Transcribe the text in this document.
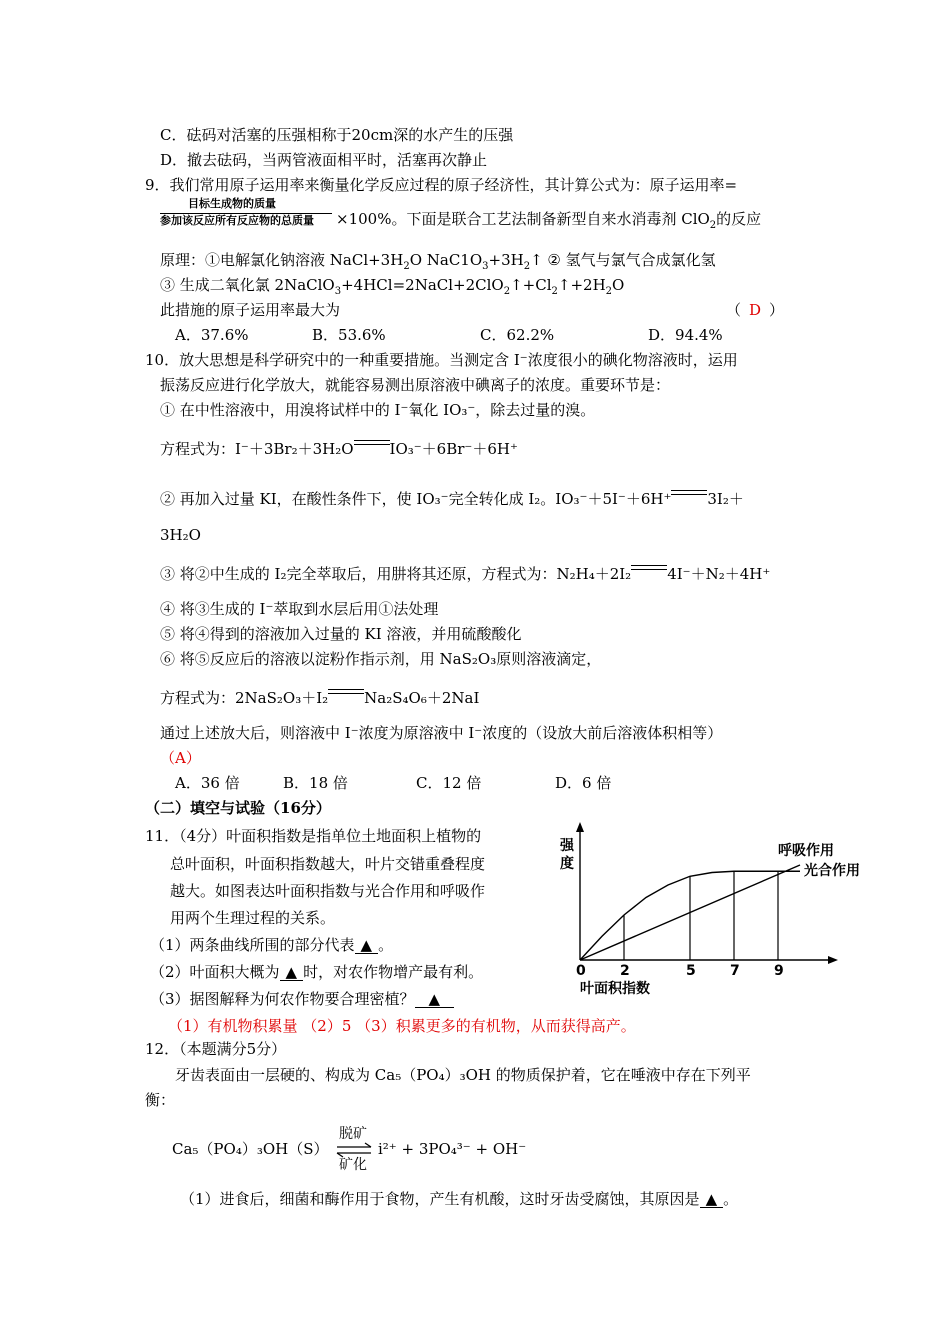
C．砝码对活塞的压强相称于20cm深的水产生的压强
D．撤去砝码，当两管液面相平时，活塞再次静止
9．我们常用原子运用率来衡量化学反应过程的原子经济性，其计算公式为：原子运用率=
目标生成物的质量
参加该反应所有反应物的总质量 ×100%。下面是联合工艺法制备新型自来水消毒剂 ClO$_2$的反应
原理：①电解氯化钠溶液 $NaCl+3H_2O$ $NaC1O_3+3H_2↑$ ② 氢气与氯气合成氯化氢
③ 生成二氧化氯 $2NaClO_3+4HCl=2NaCl+2ClO_2↑+Cl_2↑+2H_2O$
此措施的原子运用率最大为	（ D ）
A．37.6%	B．53.6%	C．62.2%	D．94.4%
10．放大思想是科学研究中的一种重要措施。当测定含 I⁻浓度很小的碘化物溶液时，运用
振荡反应进行化学放大，就能容易测出原溶液中碘离子的浓度。重要环节是：
① 在中性溶液中，用溴将试样中的 I⁻氧化 IO₃⁻，除去过量的溴。
方程式为：I⁻＋3Br₂＋3H₂O IO₃⁻＋6Br⁻＋6H⁺
② 再加入过量 KI，在酸性条件下，使 IO₃⁻完全转化成 I₂。IO₃⁻＋5I⁻＋6H⁺ 3I₂＋
3H₂O
③ 将②中生成的 I₂完全萃取后，用肼将其还原，方程式为：N₂H₄＋2I₂ 4I⁻＋N₂＋4H⁺
④ 将③生成的 I⁻萃取到水层后用①法处理
⑤ 将④得到的溶液加入过量的 KI 溶液，并用硫酸酸化
⑥ 将⑤反应后的溶液以淀粉作指示剂，用 NaS₂O₃原则溶液滴定，
方程式为：2NaS₂O₃＋I₂ Na₂S₄O₆＋2NaI
通过上述放大后，则溶液中 I⁻浓度为原溶液中 I⁻浓度的（设放大前后溶液体积相等）
（A）
A．36 倍	B．18 倍	C．12 倍	D．6 倍
（二）填空与试验（16分）
11．（4分）叶面积指数是指单位土地面积上植物的
总叶面积，叶面积指数越大，叶片交错重叠程度
越大。如图表达叶面积指数与光合作用和呼吸作
用两个生理过程的关系。
（1）两条曲线所围的部分代表 ▲ 。
（2）叶面积大概为 ▲ 时，对农作物增产最有利。
（3）据图解释为何农作物要合理密植？ ▲
（1）有机物积累量 （2）5 （3）积累更多的有机物，从而获得高产。
强度
呼吸作用
光合作用
0 2	5 7 9
叶面积指数
12．（本题满分5分）
牙齿表面由一层硬的、构成为 Ca₅（PO₄）₃OH 的物质保护着，它在唾液中存在下列平
衡：
Ca₅（PO₄）₃OH（S）
脱矿
矿化
i²⁺ + 3PO₄³⁻ + OH⁻
（1）进食后，细菌和酶作用于食物，产生有机酸，这时牙齿受腐蚀，其原因是 ▲ 。
